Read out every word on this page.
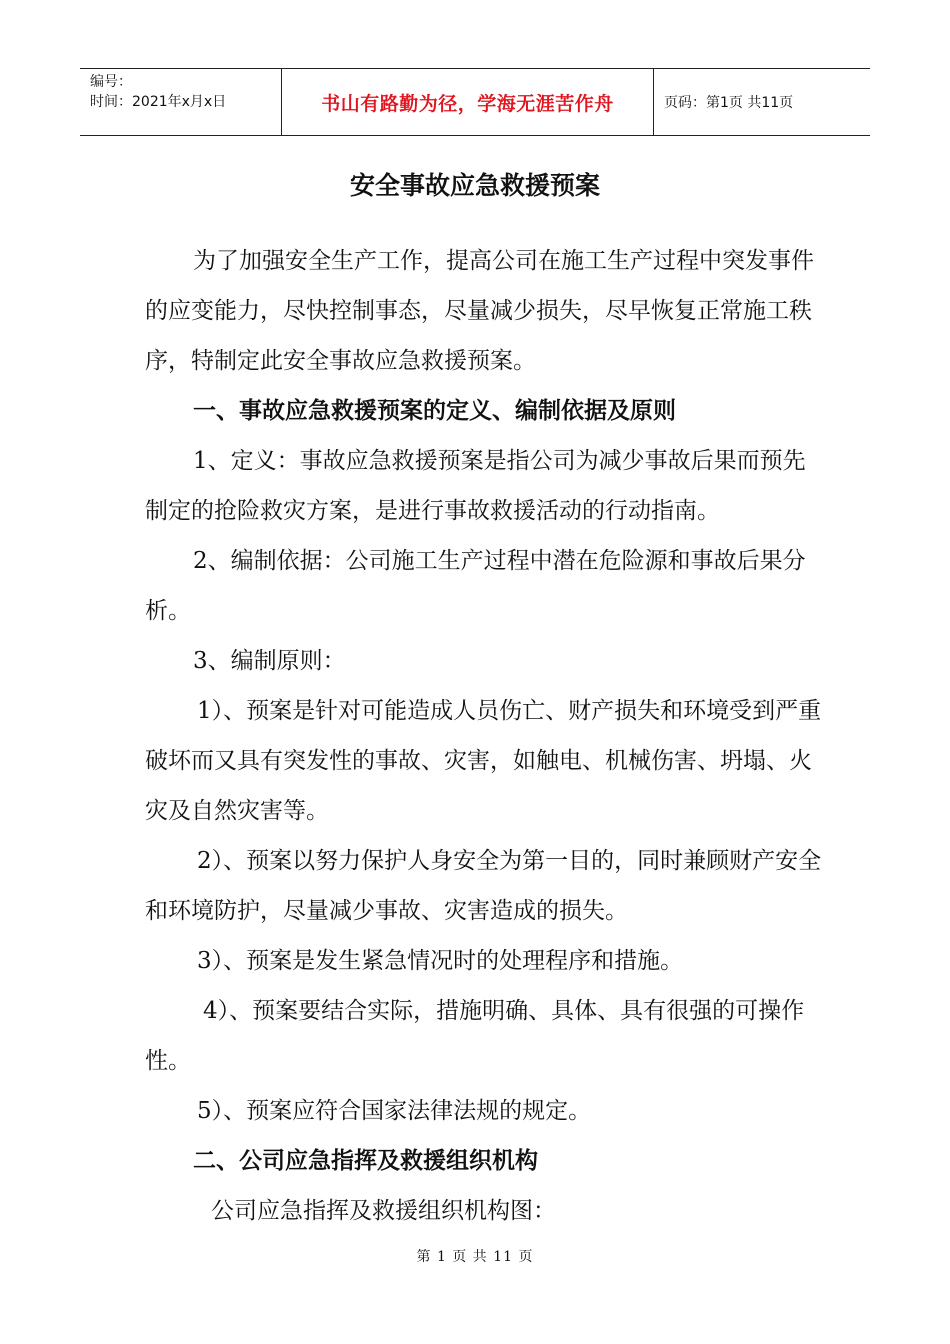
编号：
时间：2021年x月x日	书山有路勤为径，学海无涯苦作舟	页码：第1页 共11页
安全事故应急救援预案

为了加强安全生产工作，提高公司在施工生产过程中突发事件的应变能力，尽快控制事态，尽量减少损失，尽早恢复正常施工秩序，特制定此安全事故应急救援预案。

一、事故应急救援预案的定义、编制依据及原则

1、定义：事故应急救援预案是指公司为减少事故后果而预先制定的抢险救灾方案，是进行事故救援活动的行动指南。

2、编制依据：公司施工生产过程中潜在危险源和事故后果分析。

3、编制原则：

1）、预案是针对可能造成人员伤亡、财产损失和环境受到严重破坏而又具有突发性的事故、灾害，如触电、机械伤害、坍塌、火灾及自然灾害等。

2）、预案以努力保护人身安全为第一目的，同时兼顾财产安全和环境防护，尽量减少事故、灾害造成的损失。

3）、预案是发生紧急情况时的处理程序和措施。

4）、预案要结合实际，措施明确、具体、具有很强的可操作性。

5）、预案应符合国家法律法规的规定。

二、公司应急指挥及救援组织机构

公司应急指挥及救援组织机构图：

第 1 页 共 11 页
